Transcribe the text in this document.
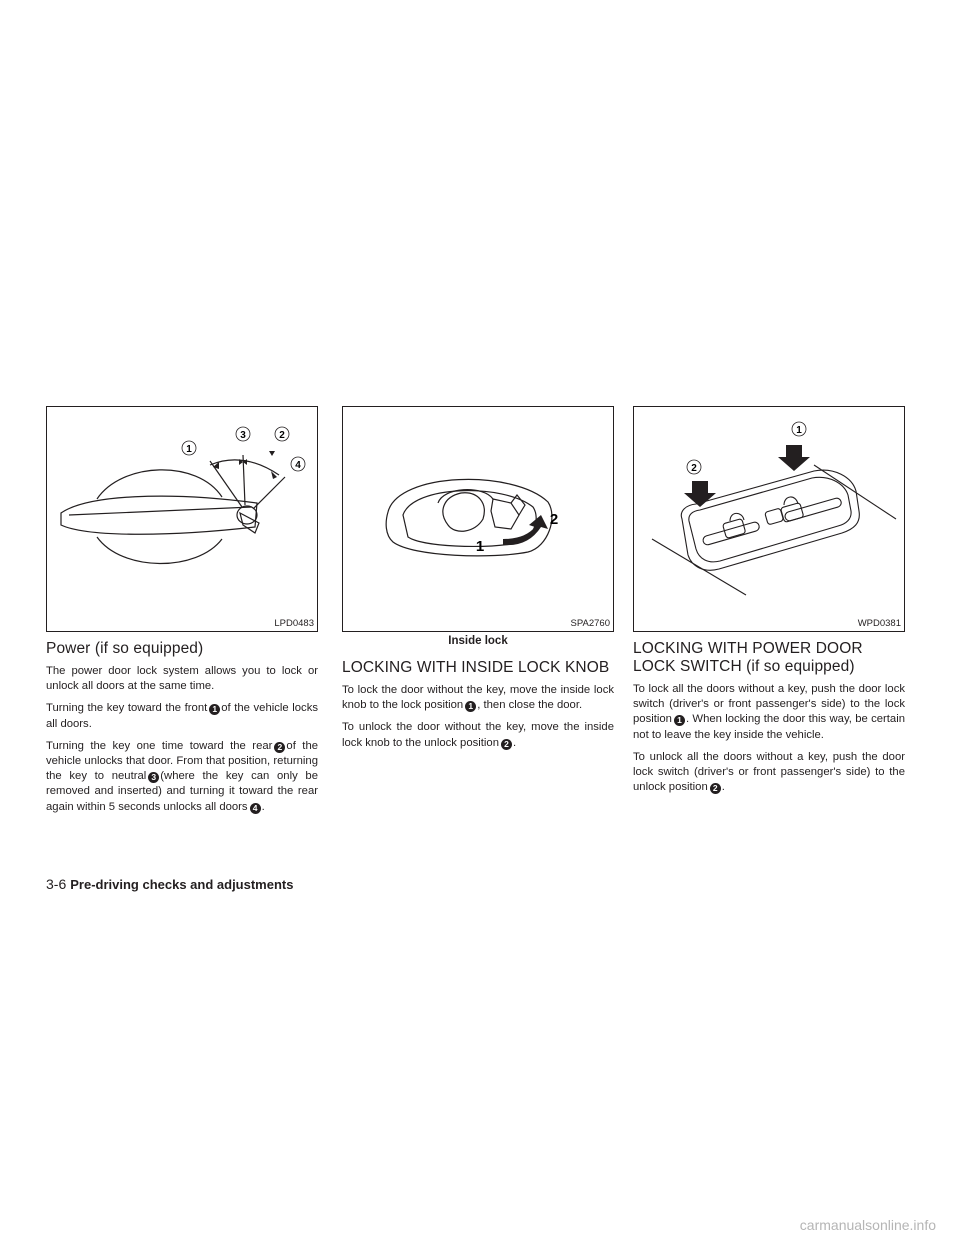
1
2
3
4
LPD0483
Power (if so equipped)

The power door lock system allows you to lock or unlock all doors at the same time.

Turning the key toward the front 1 of the vehicle locks all doors.

Turning the key one time toward the rear 2 of the vehicle unlocks that door. From that position, returning the key to neutral 3 (where the key can only be removed and inserted) and turning it toward the rear again within 5 seconds unlocks all doors 4 .

1
2
SPA2760
Inside lock
LOCKING WITH INSIDE LOCK KNOB

To lock the door without the key, move the inside lock knob to the lock position 1 , then close the door.

To unlock the door without the key, move the inside lock knob to the unlock position 2 .

1
2
WPD0381
LOCKING WITH POWER DOOR LOCK SWITCH (if so equipped)

To lock all the doors without a key, push the door lock switch (driver's or front passenger's side) to the lock position 1 . When locking the door this way, be certain not to leave the key inside the vehicle.

To unlock all the doors without a key, push the door lock switch (driver's or front passenger's side) to the unlock position 2 .

3-6 Pre-driving checks and adjustments
carmanualsonline.info
